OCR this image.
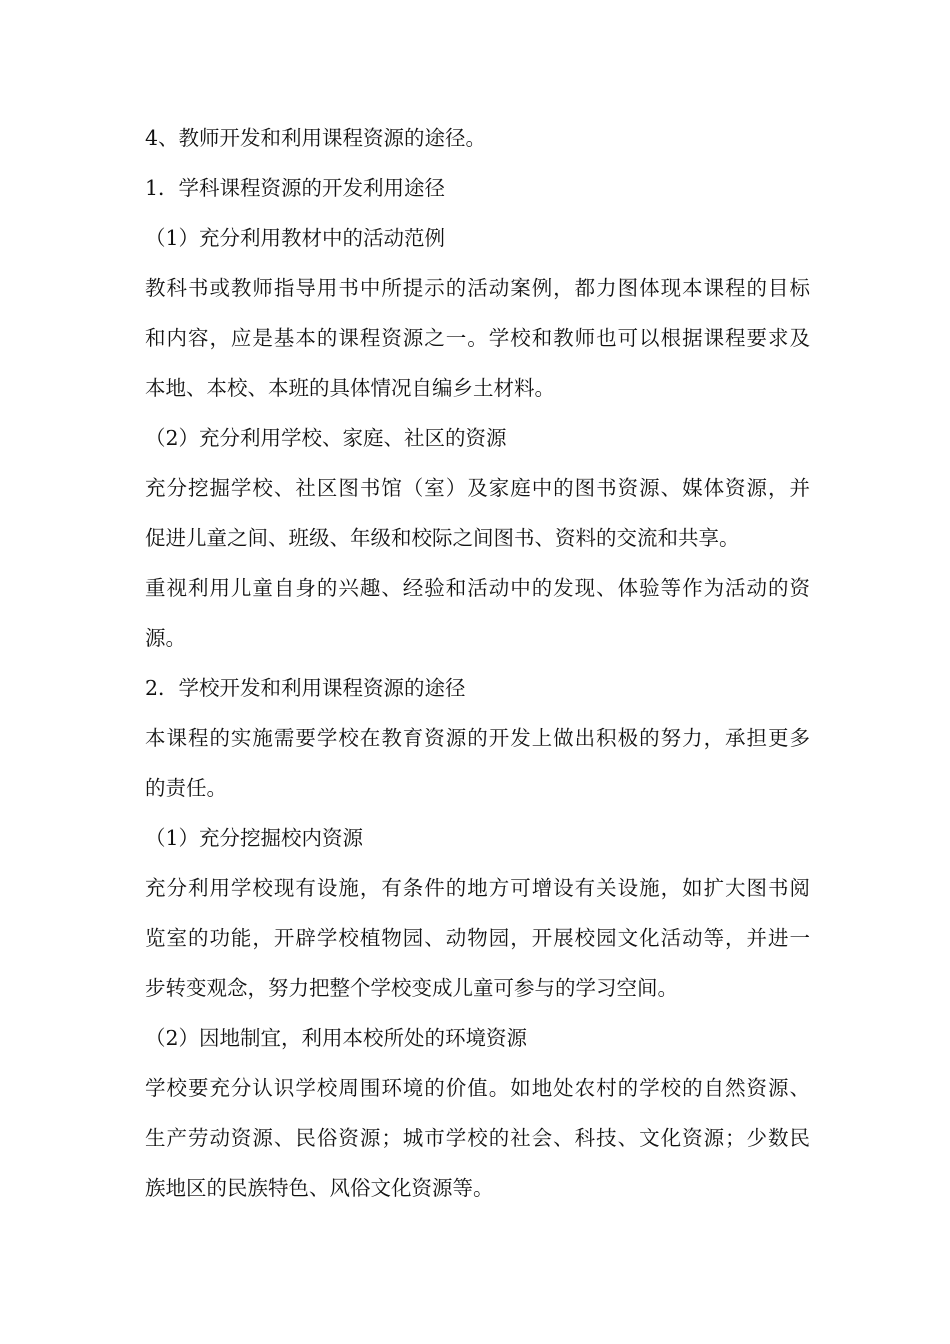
4、教师开发和利用课程资源的途径。
1．学科课程资源的开发利用途径
（1）充分利用教材中的活动范例
教科书或教师指导用书中所提示的活动案例，都力图体现本课程的目标
和内容，应是基本的课程资源之一。学校和教师也可以根据课程要求及
本地、本校、本班的具体情况自编乡土材料。
（2）充分利用学校、家庭、社区的资源
充分挖掘学校、社区图书馆（室）及家庭中的图书资源、媒体资源，并
促进儿童之间、班级、年级和校际之间图书、资料的交流和共享。
重视利用儿童自身的兴趣、经验和活动中的发现、体验等作为活动的资
源。
2．学校开发和利用课程资源的途径
本课程的实施需要学校在教育资源的开发上做出积极的努力，承担更多
的责任。
（1）充分挖掘校内资源
充分利用学校现有设施，有条件的地方可增设有关设施，如扩大图书阅
览室的功能，开辟学校植物园、动物园，开展校园文化活动等，并进一
步转变观念，努力把整个学校变成儿童可参与的学习空间。
（2）因地制宜，利用本校所处的环境资源
学校要充分认识学校周围环境的价值。如地处农村的学校的自然资源、
生产劳动资源、民俗资源；城市学校的社会、科技、文化资源；少数民
族地区的民族特色、风俗文化资源等。
